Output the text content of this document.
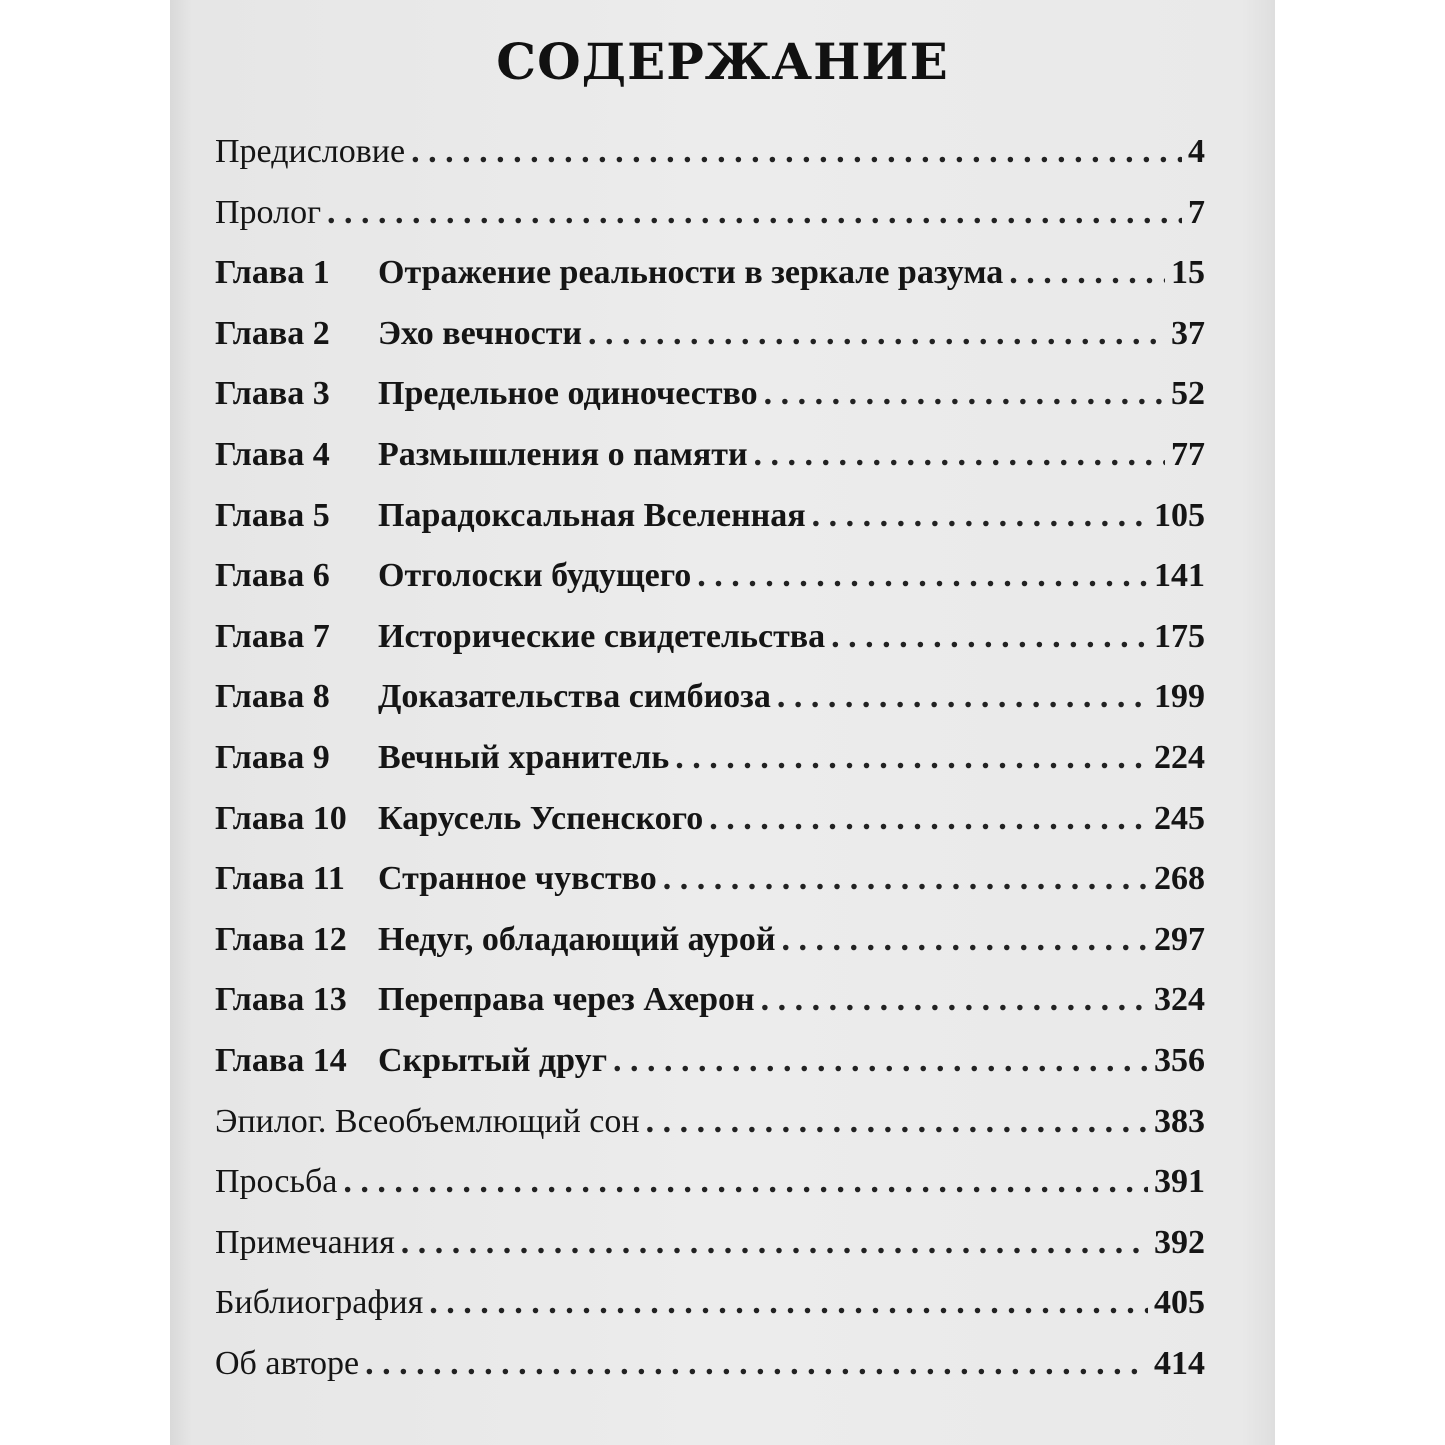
СОДЕРЖАНИЕ
Предисловие . . .	4
Пролог . . .	7
Глава 1	Отражение реальности в зеркале разума . . .	15
Глава 2	Эхо вечности . . .	37
Глава 3	Предельное одиночество . . .	52
Глава 4	Размышления о памяти . . .	77
Глава 5	Парадоксальная Вселенная . . .	105
Глава 6	Отголоски будущего . . .	141
Глава 7	Исторические свидетельства . . .	175
Глава 8	Доказательства симбиоза . . .	199
Глава 9	Вечный хранитель . . .	224
Глава 10 Карусель Успенского . . .	245
Глава 11 Странное чувство . . .	268
Глава 12 Недуг, обладающий аурой . . .	297
Глава 13 Переправа через Ахерон . . .	324
Глава 14 Скрытый друг . . .	356
Эпилог. Всеобъемлющий сон . . .	383
Просьба . . .	391
Примечания . . .	392
Библиография . . .	405
Об авторе . . .	414
